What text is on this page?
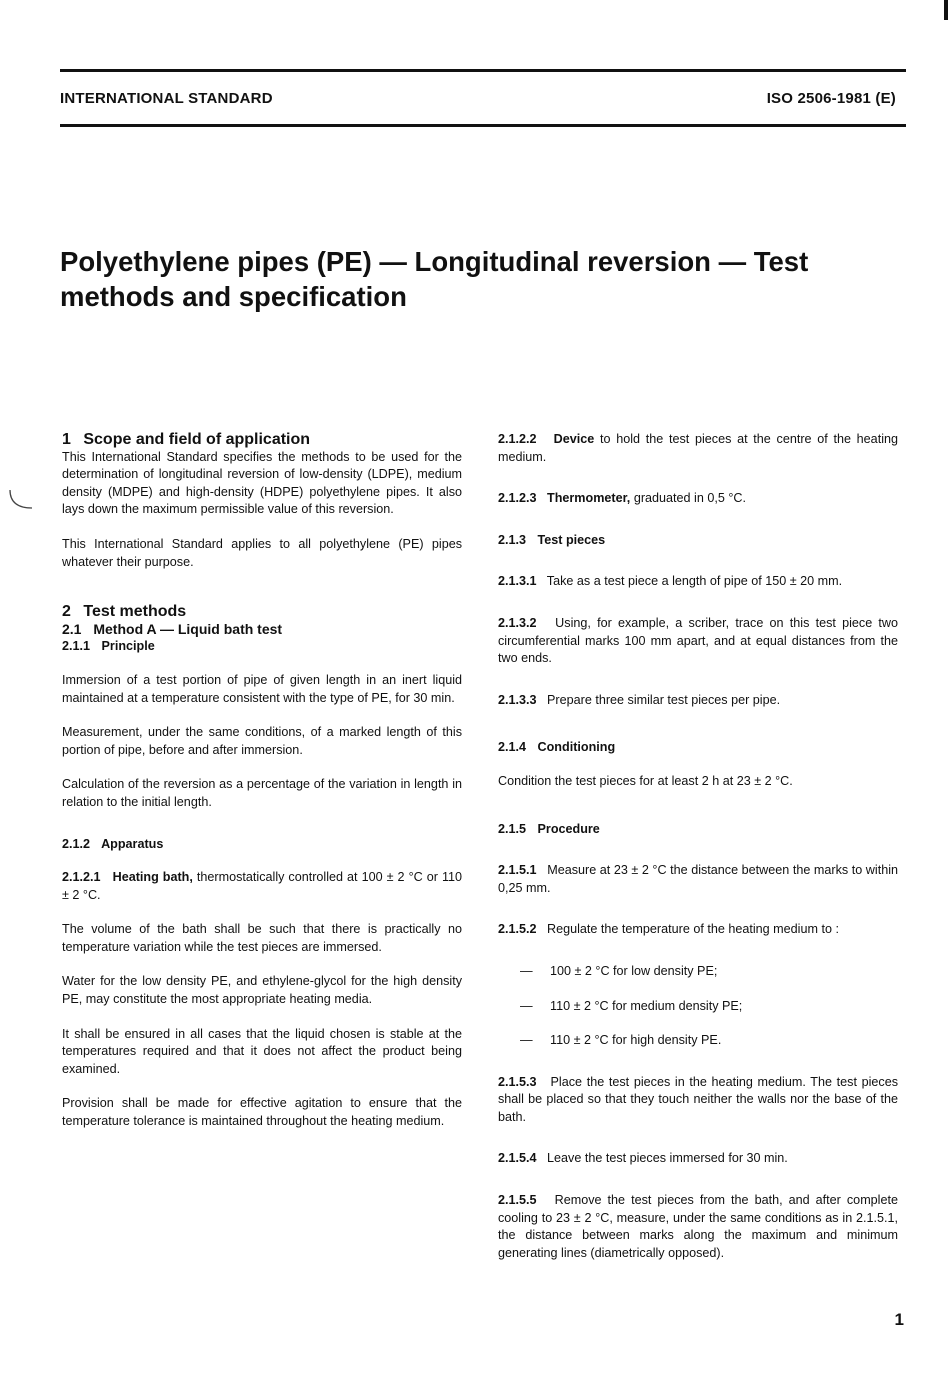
INTERNATIONAL STANDARD	ISO 2506-1981 (E)
Polyethylene pipes (PE) — Longitudinal reversion — Test methods and specification

1 Scope and field of application

This International Standard specifies the methods to be used for the determination of longitudinal reversion of low-density (LDPE), medium density (MDPE) and high-density (HDPE) polyethylene pipes. It also lays down the maximum permissible value of this reversion.

This International Standard applies to all polyethylene (PE) pipes whatever their purpose.

2 Test methods

2.1 Method A — Liquid bath test

2.1.1 Principle

Immersion of a test portion of pipe of given length in an inert liquid maintained at a temperature consistent with the type of PE, for 30 min.

Measurement, under the same conditions, of a marked length of this portion of pipe, before and after immersion.

Calculation of the reversion as a percentage of the variation in length in relation to the initial length.

2.1.2 Apparatus

2.1.2.1 Heating bath, thermostatically controlled at 100 ± 2 °C or 110 ± 2 °C.

The volume of the bath shall be such that there is practically no temperature variation while the test pieces are immersed.

Water for the low density PE, and ethylene-glycol for the high density PE, may constitute the most appropriate heating media.

It shall be ensured in all cases that the liquid chosen is stable at the temperatures required and that it does not affect the product being examined.

Provision shall be made for effective agitation to ensure that the temperature tolerance is maintained throughout the heating medium.

2.1.2.2 Device to hold the test pieces at the centre of the heating medium.

2.1.2.3 Thermometer, graduated in 0,5 °C.

2.1.3 Test pieces

2.1.3.1 Take as a test piece a length of pipe of 150 ± 20 mm.

2.1.3.2 Using, for example, a scriber, trace on this test piece two circumferential marks 100 mm apart, and at equal distances from the two ends.

2.1.3.3 Prepare three similar test pieces per pipe.

2.1.4 Conditioning

Condition the test pieces for at least 2 h at 23 ± 2 °C.

2.1.5 Procedure

2.1.5.1 Measure at 23 ± 2 °C the distance between the marks to within 0,25 mm.

2.1.5.2 Regulate the temperature of the heating medium to :

— 100 ± 2 °C for low density PE;

— 110 ± 2 °C for medium density PE;

— 110 ± 2 °C for high density PE.

2.1.5.3 Place the test pieces in the heating medium. The test pieces shall be placed so that they touch neither the walls nor the base of the bath.

2.1.5.4 Leave the test pieces immersed for 30 min.

2.1.5.5 Remove the test pieces from the bath, and after complete cooling to 23 ± 2 °C, measure, under the same conditions as in 2.1.5.1, the distance between marks along the maximum and minimum generating lines (diametrically opposed).

1
